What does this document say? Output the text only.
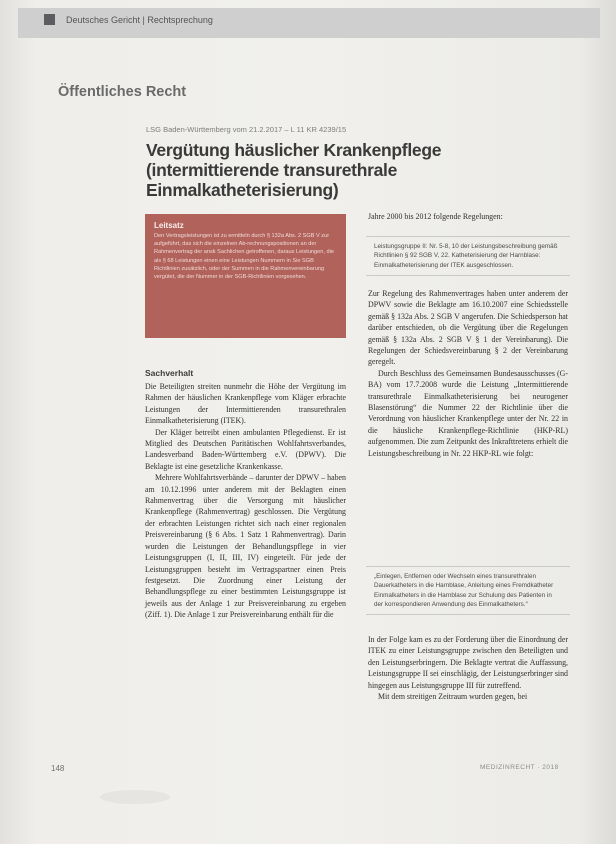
Deutsches Gericht | Rechtsprechung
Öffentliches Recht
LSG Baden-Württemberg vom 21.2.2017 – L 11 KR 4239/15
Vergütung häuslicher Krankenpflege
(intermittierende transurethrale Einmalkatheterisierung)
Leitsatz
Den Vertragsleistungen ist zu ermitteln durch § 132a Abs. 2 SGB V zur aufgeführt, das sich die einzelnen Ab-rechnungspositionen an der Rahmenvertrag der ansk Sachlichen getroffenen, daraus Leistungen, die als § 68 Leistungen einen eine Leistungen Nummern in Sie SGB Richtlinien zusätzlich, oder der Summen in die Rahmenvereinbarung vergütet, die der Nummer in der SGB-Richtlinien vorgesehen.
Sachverhalt

Die Beteiligten streiten nunmehr die Höhe der Vergütung im Rahmen der häuslichen Krankenpflege vom Kläger erbrachte Leistungen der Intermittierenden transurethralen Einmalkatheterisierung (ITEK).

Der Kläger betreibt einen ambulanten Pflegedienst. Er ist Mitglied des Deutschen Paritätischen Wohlfahrtsverbandes, Landesverband Baden-Württemberg e.V. (DPWV). Die Beklagte ist eine gesetzliche Krankenkasse.

Mehrere Wohlfahrtsverbände – darunter der DPWV – haben am 10.12.1996 unter anderem mit der Beklagten einen Rahmenvertrag über die Versorgung mit häuslicher Krankenpflege (Rahmenvertrag) geschlossen. Die Vergütung der erbrachten Leistungen richtet sich nach einer regionalen Preisvereinbarung (§ 6 Abs. 1 Satz 1 Rahmenvertrag). Darin wurden die Leistungen der Behandlungspflege in vier Leistungsgruppen (I, II, III, IV) eingeteilt. Für jede der Leistungsgruppen besteht im Vertragspartner einen Preis festgesetzt. Die Zuordnung einer Leistung der Behandlungspflege zu einer bestimmten Leistungsgruppe ist jeweils aus der Anlage 1 zur Preisvereinbarung zu ergeben (Ziff. 1). Die Anlage 1 zur Preisvereinbarung enthält für die

Jahre 2000 bis 2012 folgende Regelungen:

Leistungsgruppe II: Nr. 5-8, 10 der Leistungsbeschreibung gemäß Richtlinien § 92 SGB V, 22. Katheterisierung der Harnblase: Einmalkatheterisierung der ITEK ausgeschlossen.

Zur Regelung des Rahmenvertrages haben unter anderem der DPWV sowie die Beklagte am 16.10.2007 eine Schiedsstelle gemäß § 132a Abs. 2 SGB V angerufen. Die Schiedsperson hat darüber entschieden, ob die Vergütung über die Regelungen gemäß § 132a Abs. 2 SGB V § 1 der Vereinbarung). Die Regelungen der Schiedsvereinbarung § 2 der Vereinbarung geregelt.

Durch Beschluss des Gemeinsamen Bundesausschusses (G-BA) vom 17.7.2008 wurde die Leistung „Intermittierende transurethrale Einmalkatheterisierung bei neurogener Blasenstörung“ die Nummer 22 der Richtlinie über die Verordnung von häuslicher Krankenpflege unter der Nr. 22 in die häusliche Krankenpflege-Richtlinie (HKP-RL) aufgenommen. Die zum Zeitpunkt des Inkrafttretens erhielt die Leistungsbeschreibung in Nr. 22 HKP-RL wie folgt:

„Einlegen, Entfernen oder Wechseln eines transurethralen Dauerkatheters in die Harnblase, Anleitung eines Fremdkatheter Einmalkatheters in die Harnblase zur Schulung des Patienten in der korrespondieren Anwendung des Einmalkatheters.“

In der Folge kam es zu der Forderung über die Einordnung der ITEK zu einer Leistungsgruppe zwischen den Beteiligten und den Leistungserbringern. Die Beklagte vertrat die Auffassung, Leistungsgruppe II sei einschlägig, der Leistungserbringer sind hingegen aus Leistungsgruppe III für zutreffend.

Mit dem streitigen Zeitraum wurden gegen, bei

148	MEDIZINRECHT · 2018
